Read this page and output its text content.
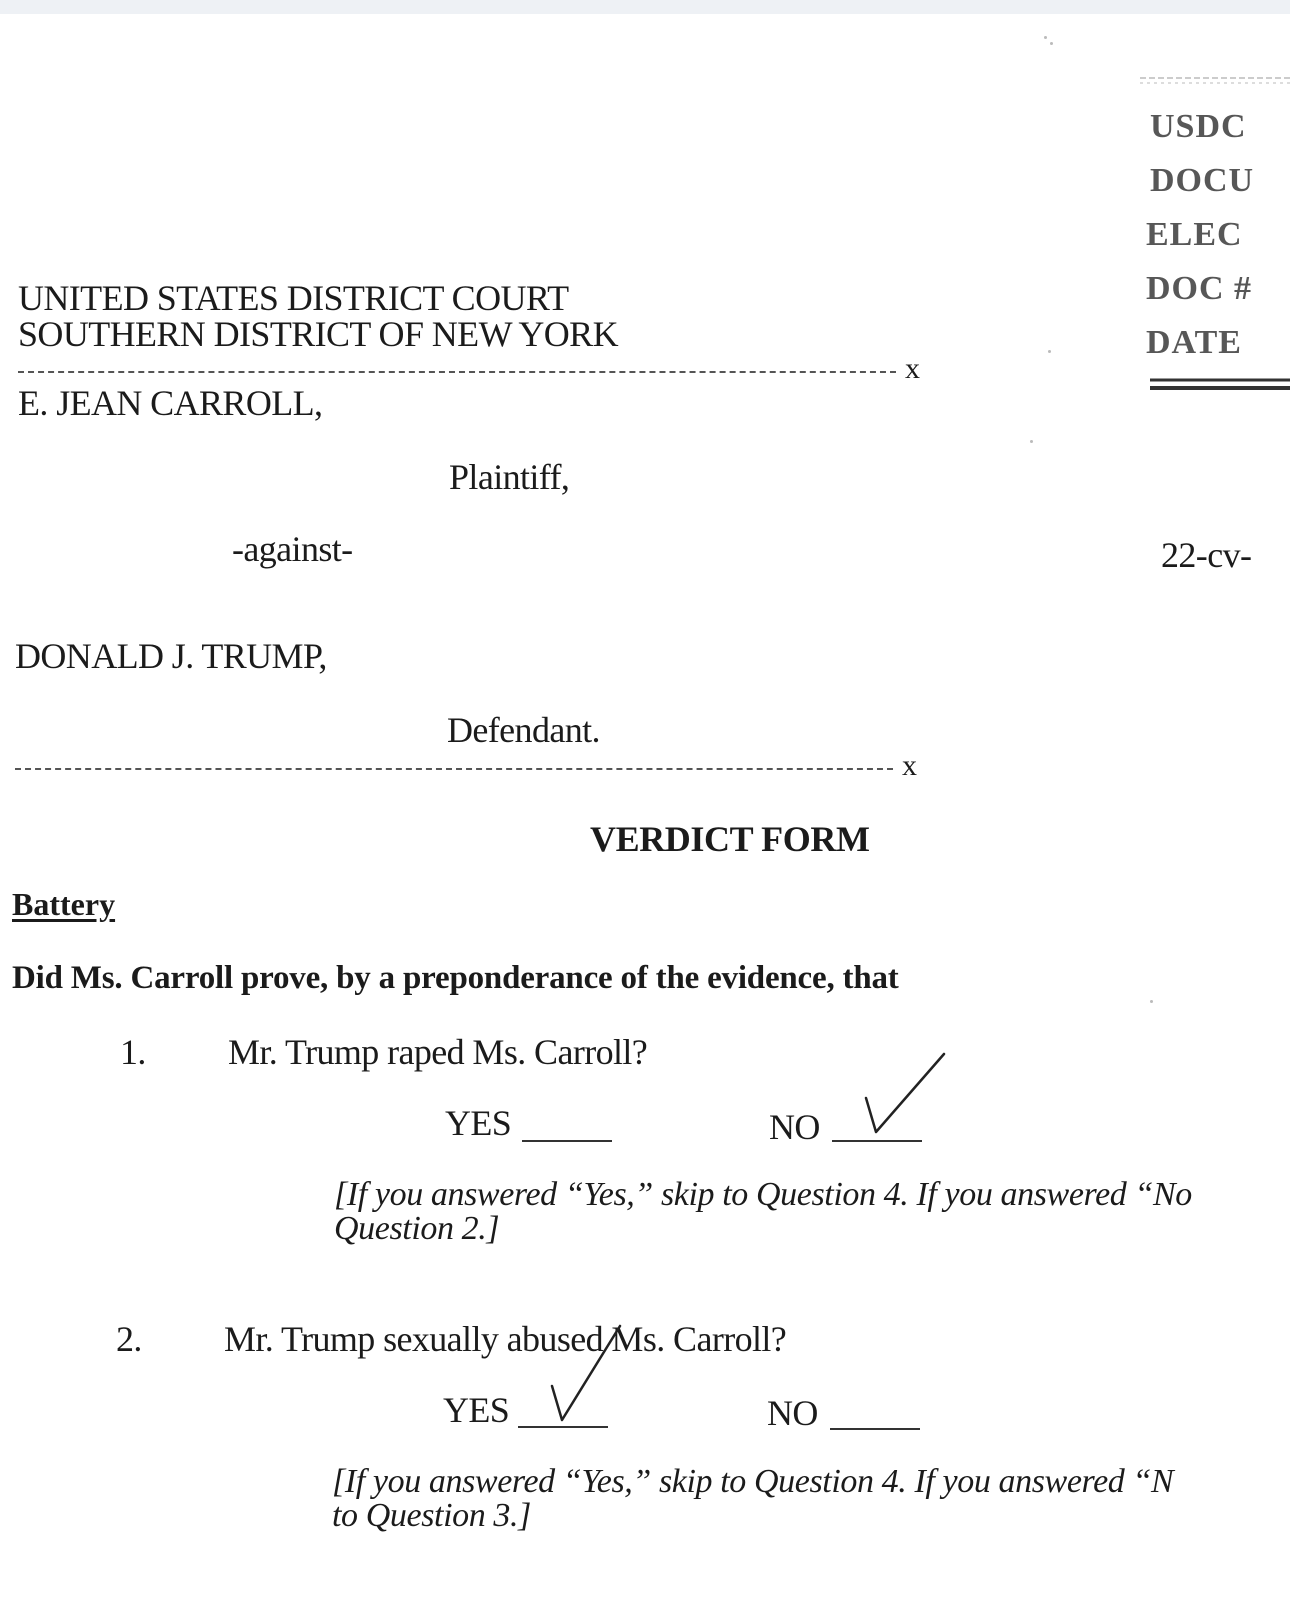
USDC
DOCU
ELEC
DOC #
DATE
UNITED STATES DISTRICT COURT
SOUTHERN DISTRICT OF NEW YORK
x
E. JEAN CARROLL,
Plaintiff,
-against-	22-cv-
DONALD J. TRUMP,
Defendant.
x
VERDICT FORM
Battery
Did Ms. Carroll prove, by a preponderance of the evidence, that
1. Mr. Trump raped Ms. Carroll?
YES	NO
[If you answered “Yes,” skip to Question 4. If you answered “No
Question 2.]
2. Mr. Trump sexually abused Ms. Carroll?
YES	NO
[If you answered “Yes,” skip to Question 4. If you answered “N
to Question 3.]
